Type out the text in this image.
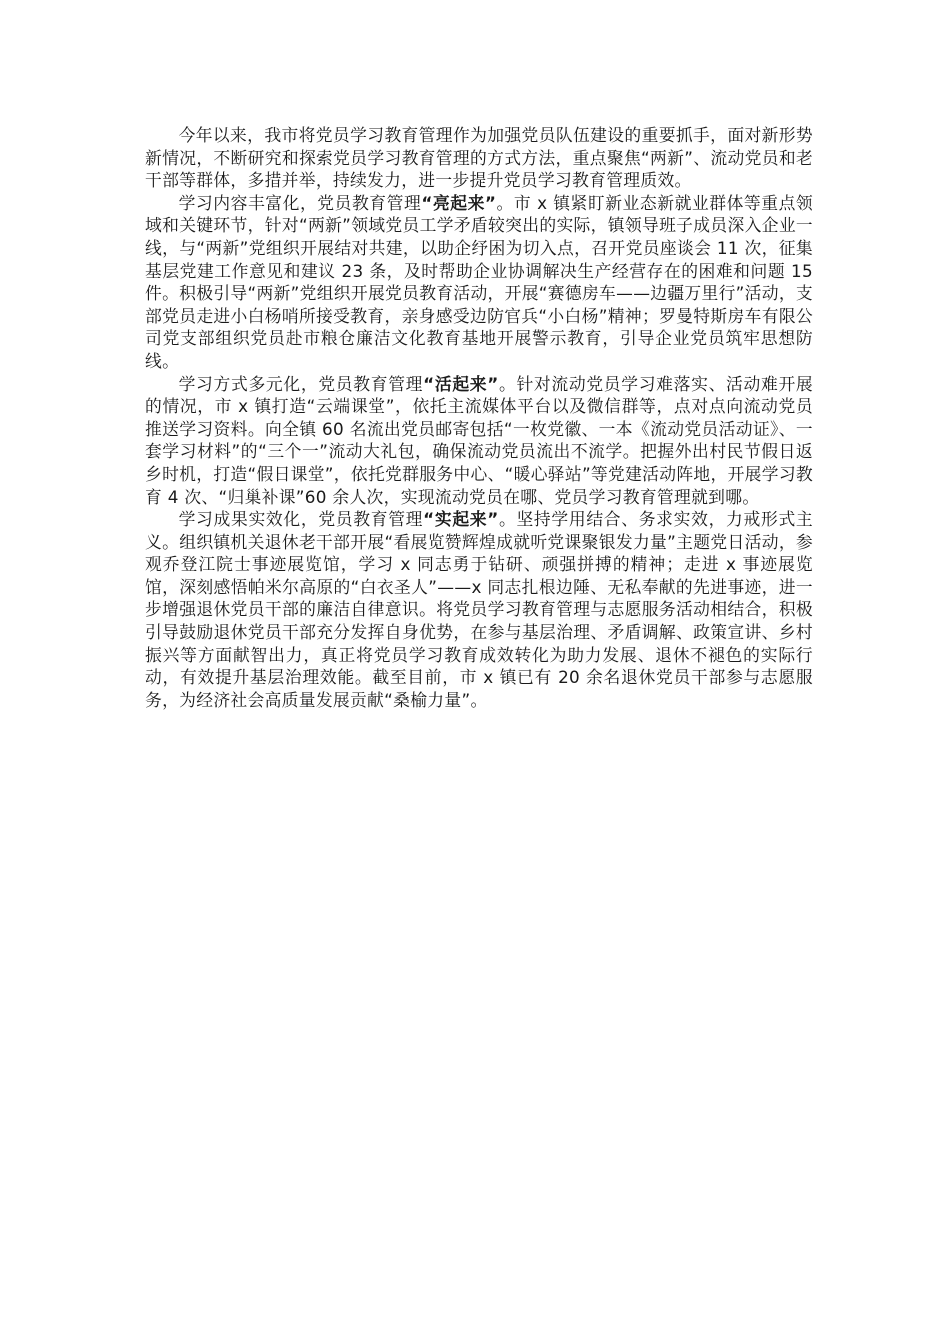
今年以来，我市将党员学习教育管理作为加强党员队伍建设的重要抓手，面对新形势新情况，不断研究和探索党员学习教育管理的方式方法，重点聚焦“两新”、流动党员和老干部等群体，多措并举，持续发力，进一步提升党员学习教育管理质效。

学习内容丰富化，党员教育管理“亮起来”。市 x 镇紧盯新业态新就业群体等重点领域和关键环节，针对“两新”领域党员工学矛盾较突出的实际，镇领导班子成员深入企业一线，与“两新”党组织开展结对共建，以助企纾困为切入点，召开党员座谈会 11 次，征集基层党建工作意见和建议 23 条，及时帮助企业协调解决生产经营存在的困难和问题 15 件。积极引导“两新”党组织开展党员教育活动，开展“赛德房车——边疆万里行”活动，支部党员走进小白杨哨所接受教育，亲身感受边防官兵“小白杨”精神；罗曼特斯房车有限公司党支部组织党员赴市粮仓廉洁文化教育基地开展警示教育，引导企业党员筑牢思想防线。

学习方式多元化，党员教育管理“活起来”。针对流动党员学习难落实、活动难开展的情况，市 x 镇打造“云端课堂”，依托主流媒体平台以及微信群等，点对点向流动党员推送学习资料。向全镇 60 名流出党员邮寄包括“一枚党徽、一本《流动党员活动证》、一套学习材料”的“三个一”流动大礼包，确保流动党员流出不流学。把握外出村民节假日返乡时机，打造“假日课堂”，依托党群服务中心、“暖心驿站”等党建活动阵地，开展学习教育 4 次、“归巢补课”60 余人次，实现流动党员在哪、党员学习教育管理就到哪。

学习成果实效化，党员教育管理“实起来”。坚持学用结合、务求实效，力戒形式主义。组织镇机关退休老干部开展“看展览赞辉煌成就听党课聚银发力量”主题党日活动，参观乔登江院士事迹展览馆，学习 x 同志勇于钻研、顽强拼搏的精神；走进 x 事迹展览馆，深刻感悟帕米尔高原的“白衣圣人”——x 同志扎根边陲、无私奉献的先进事迹，进一步增强退休党员干部的廉洁自律意识。将党员学习教育管理与志愿服务活动相结合，积极引导鼓励退休党员干部充分发挥自身优势，在参与基层治理、矛盾调解、政策宣讲、乡村振兴等方面献智出力，真正将党员学习教育成效转化为助力发展、退休不褪色的实际行动，有效提升基层治理效能。截至目前，市 x 镇已有 20 余名退休党员干部参与志愿服务，为经济社会高质量发展贡献“桑榆力量”。
